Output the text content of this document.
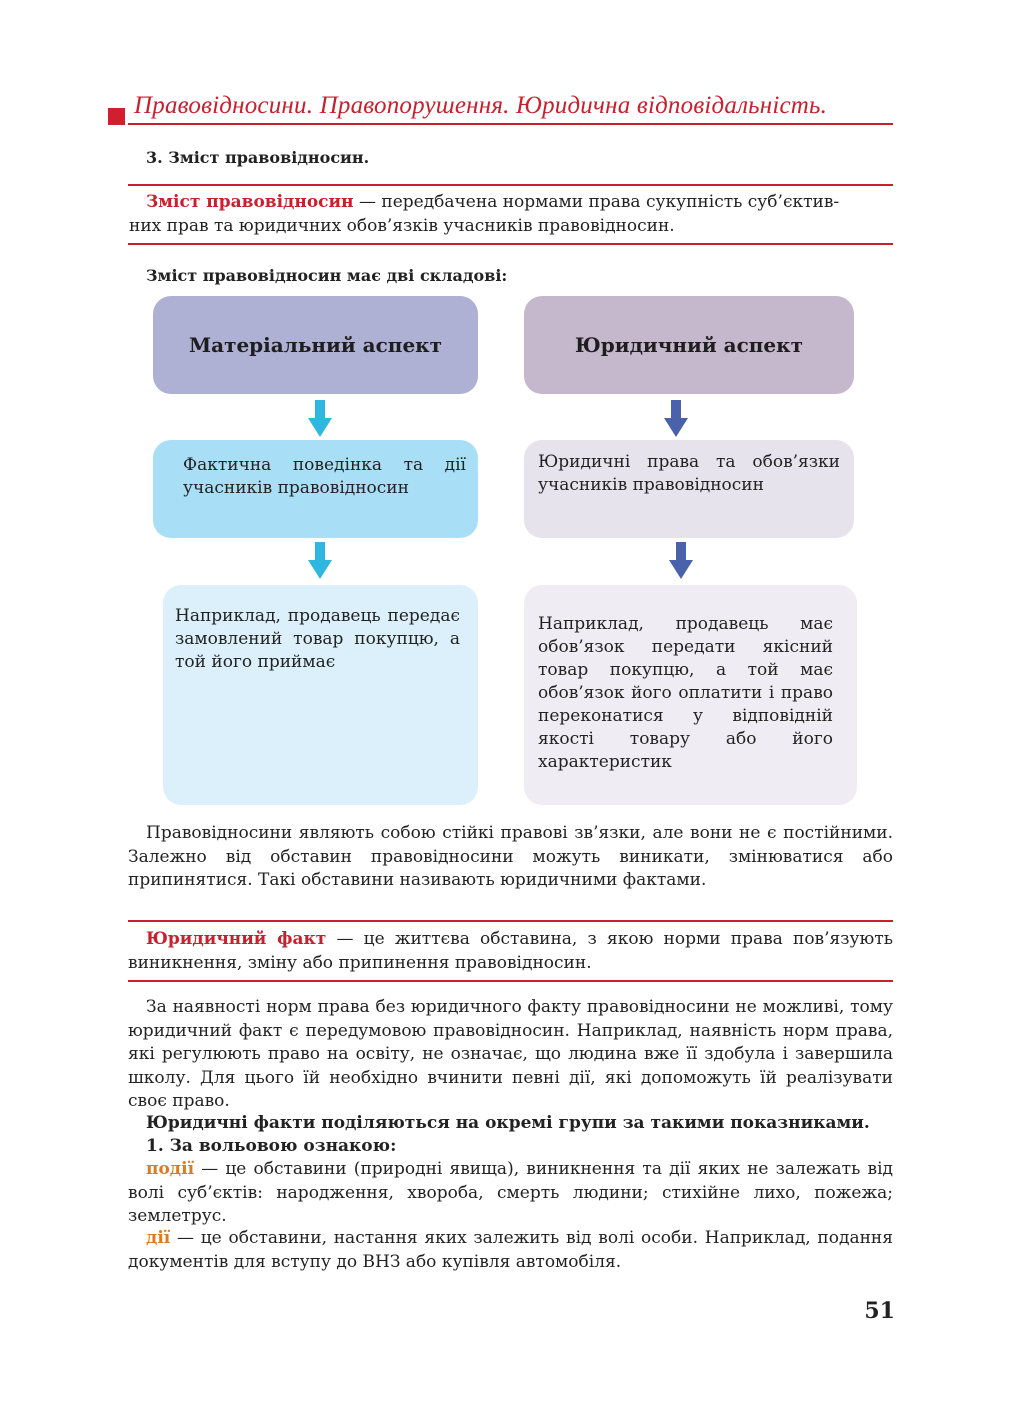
Правовідносини. Правопорушення. Юридична відповідальність.
3. Зміст правовідносин.
Зміст правовідносин — передбачена нормами права сукупність суб’єктив-
них прав та юридичних обов’язків учасників правовідносин.
Зміст правовідносин має дві складові:
Матеріальний аспект
Фактична поведінка та дії учасників правовідносин
Наприклад, продавець передає замовлений товар покупцю, а той його приймає
Юридичний аспект
Юридичні права та обов’язки учасників правовідносин
Наприклад, продавець має обов’язок передати якісний товар покупцю, а той має обов’язок його оплатити і право переконатися у відповідній якості товару або його характеристик
Правовідносини являють собою стійкі правові зв’язки, але вони не є постійними. Залежно від обставин правовідносини можуть виникати, змінюватися або припинятися. Такі обставини називають юридичними фактами.
Юридичний факт — це життєва обставина, з якою норми права пов’язують виникнення, зміну або припинення правовідносин.
За наявності норм права без юридичного факту правовідносини не можливі, тому юридичний факт є передумовою правовідносин. Наприклад, наявність норм права, які регулюють право на освіту, не означає, що людина вже її здобула і завершила школу. Для цього їй необхідно вчинити певні дії, які допоможуть їй реалізувати своє право.
Юридичні факти поділяються на окремі групи за такими показниками.
1. За вольовою ознакою:
події — це обставини (природні явища), виникнення та дії яких не залежать від волі суб’єктів: народження, хвороба, смерть людини; стихійне лихо, пожежа; землетрус.
дії — це обставини, настання яких залежить від волі особи. Наприклад, подання документів для вступу до ВНЗ або купівля автомобіля.
51
